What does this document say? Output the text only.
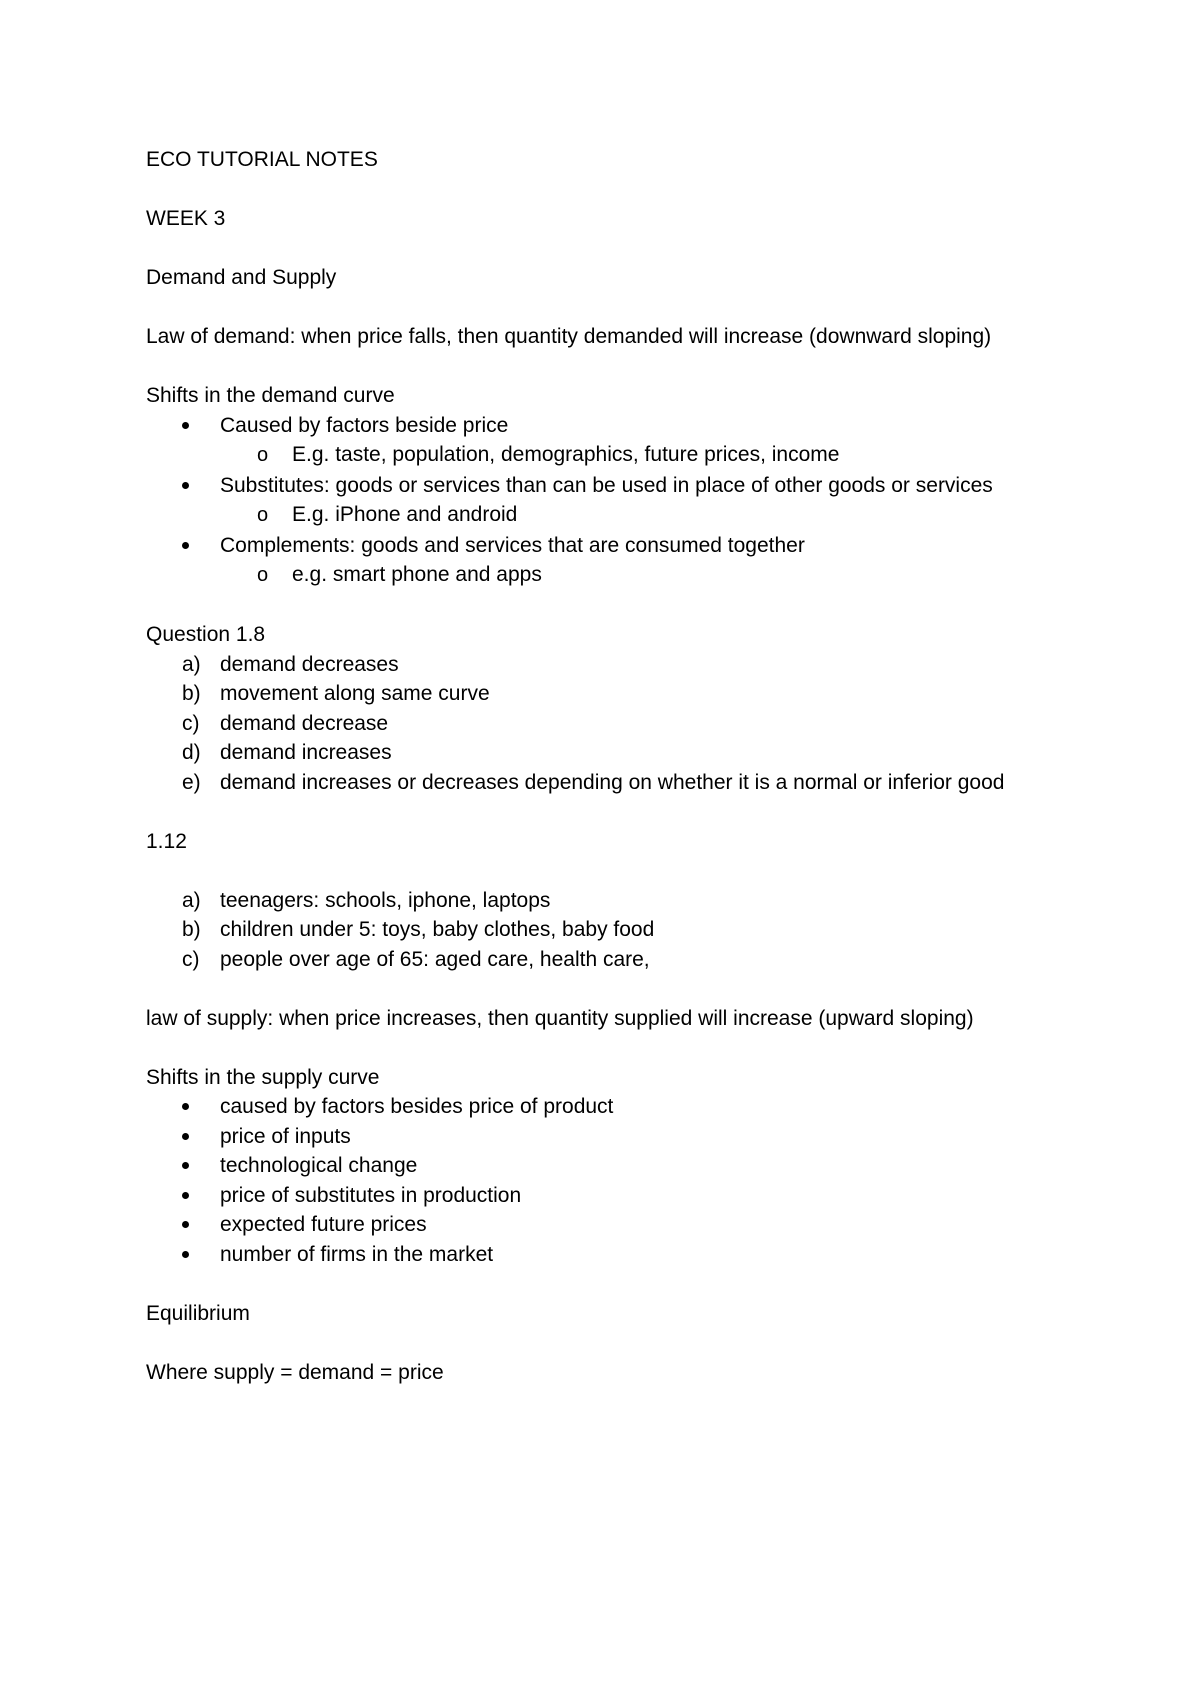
ECO TUTORIAL NOTES

WEEK 3

Demand and Supply

Law of demand: when price falls, then quantity demanded will increase (downward sloping)

Shifts in the demand curve

Caused by factors beside price
o	E.g. taste, population, demographics, future prices, income
Substitutes: goods or services than can be used in place of other goods or services
o	E.g. iPhone and android
Complements: goods and services that are consumed together
o	e.g. smart phone and apps

Question 1.8

a) demand decreases
b) movement along same curve
c) demand decrease
d) demand increases
e) demand increases or decreases depending on whether it is a normal or inferior good

1.12

a) teenagers: schools, iphone, laptops
b) children under 5: toys, baby clothes, baby food
c) people over age of 65: aged care, health care,

law of supply: when price increases, then quantity supplied will increase (upward sloping)

Shifts in the supply curve

caused by factors besides price of product
price of inputs
technological change
price of substitutes in production
expected future prices
number of firms in the market

Equilibrium

Where supply = demand = price
